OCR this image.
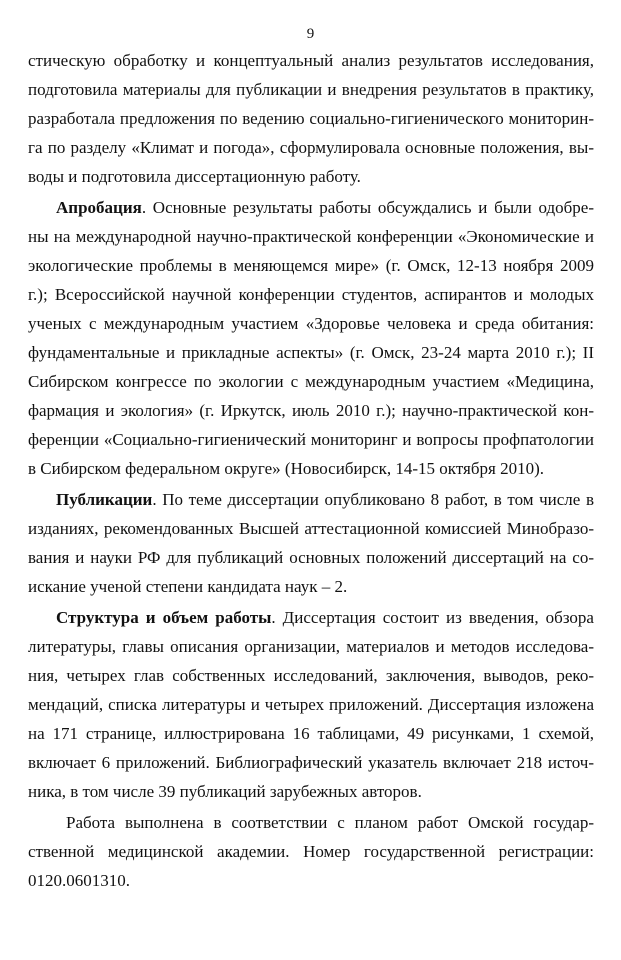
9
стическую обработку и концептуальный анализ результатов исследования,
подготовила материалы для публикации и внедрения результатов в практику,
разработала предложения по ведению социально-гигиенического мониторин-
га по разделу «Климат и погода», сформулировала основные положения, вы-
воды и подготовила диссертационную работу.
Апробация. Основные результаты работы обсуждались и были одобре-
ны на международной научно-практической конференции «Экономические и
экологические проблемы в меняющемся мире» (г. Омск, 12-13 ноября 2009
г.); Всероссийской научной конференции студентов, аспирантов и молодых
ученых с международным участием «Здоровье человека и среда обитания:
фундаментальные и прикладные аспекты» (г. Омск, 23-24 марта 2010 г.); II
Сибирском конгрессе по экологии с международным участием «Медицина,
фармация и экология» (г. Иркутск, июль 2010 г.); научно-практической кон-
ференции «Социально-гигиенический мониторинг и вопросы профпатологии
в Сибирском федеральном округе» (Новосибирск, 14-15 октября 2010).
Публикации. По теме диссертации опубликовано 8 работ, в том числе в
изданиях, рекомендованных Высшей аттестационной комиссией Минобразо-
вания и науки РФ для публикаций основных положений диссертаций на со-
искание ученой степени кандидата наук – 2.
Структура и объем работы. Диссертация состоит из введения, обзора
литературы, главы описания организации, материалов и методов исследова-
ния, четырех глав собственных исследований, заключения, выводов, реко-
мендаций, списка литературы и четырех приложений. Диссертация изложена
на 171 странице, иллюстрирована 16 таблицами, 49 рисунками, 1 схемой,
включает 6 приложений. Библиографический указатель включает 218 источ-
ника, в том числе 39 публикаций зарубежных авторов.
Работа выполнена в соответствии с планом работ Омской государ-
ственной медицинской академии. Номер государственной регистрации:
0120.0601310.
